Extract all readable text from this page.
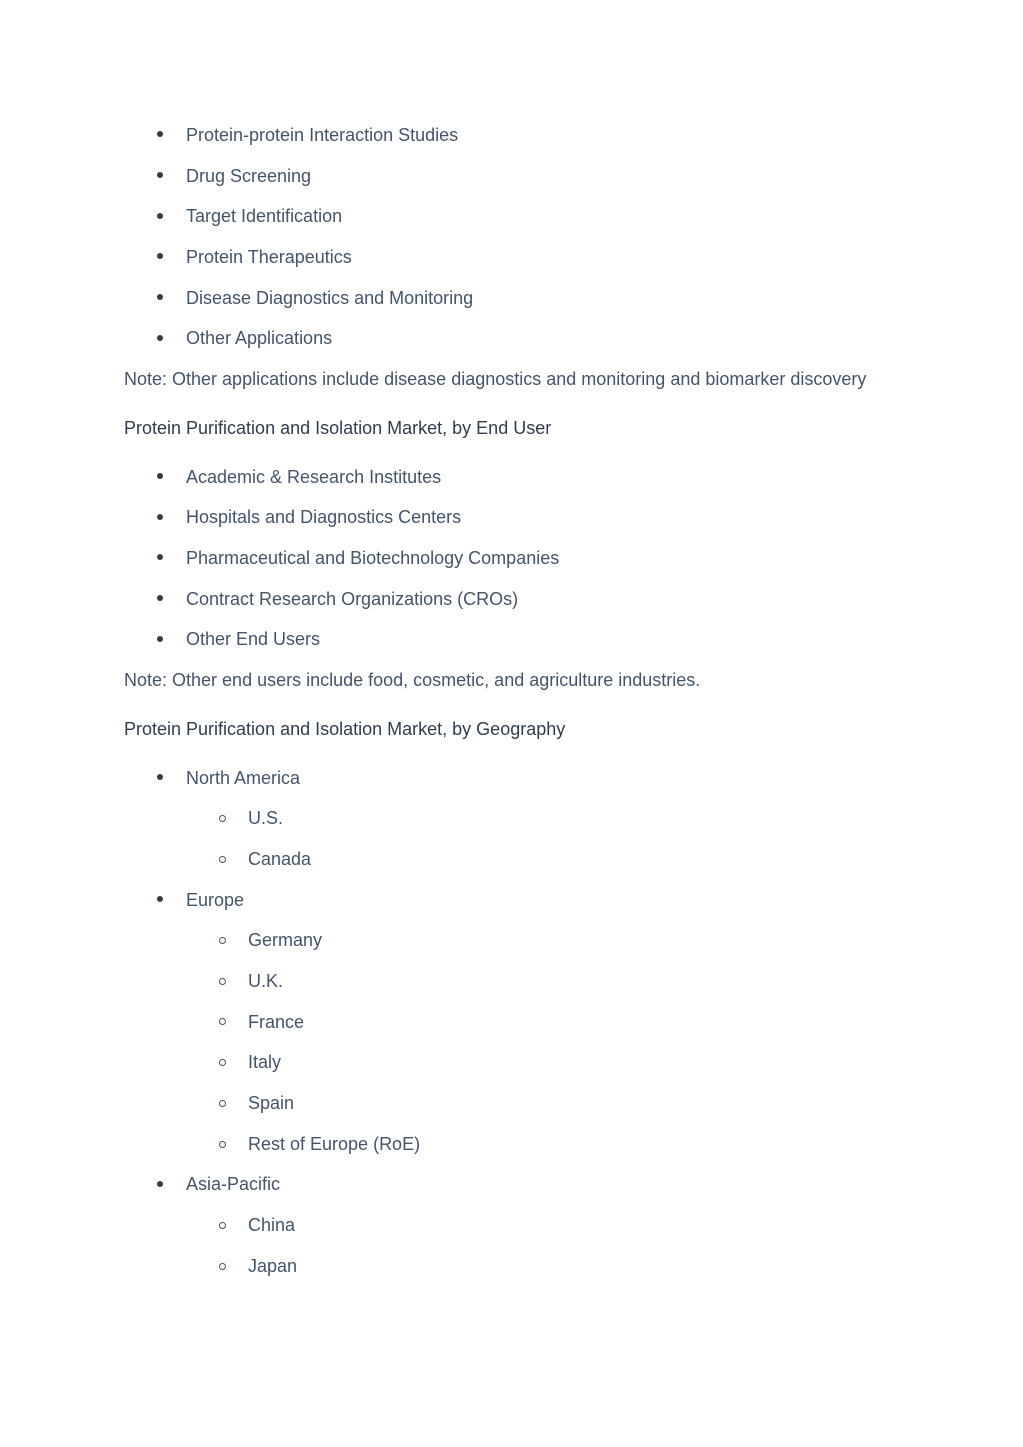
Protein-protein Interaction Studies
Drug Screening
Target Identification
Protein Therapeutics
Disease Diagnostics and Monitoring
Other Applications

Note: Other applications include disease diagnostics and monitoring and biomarker discovery

Protein Purification and Isolation Market, by End User

Academic & Research Institutes
Hospitals and Diagnostics Centers
Pharmaceutical and Biotechnology Companies
Contract Research Organizations (CROs)
Other End Users

Note: Other end users include food, cosmetic, and agriculture industries.

Protein Purification and Isolation Market, by Geography

North America
U.S.
Canada
Europe
Germany
U.K.
France
Italy
Spain
Rest of Europe (RoE)
Asia-Pacific
China
Japan
